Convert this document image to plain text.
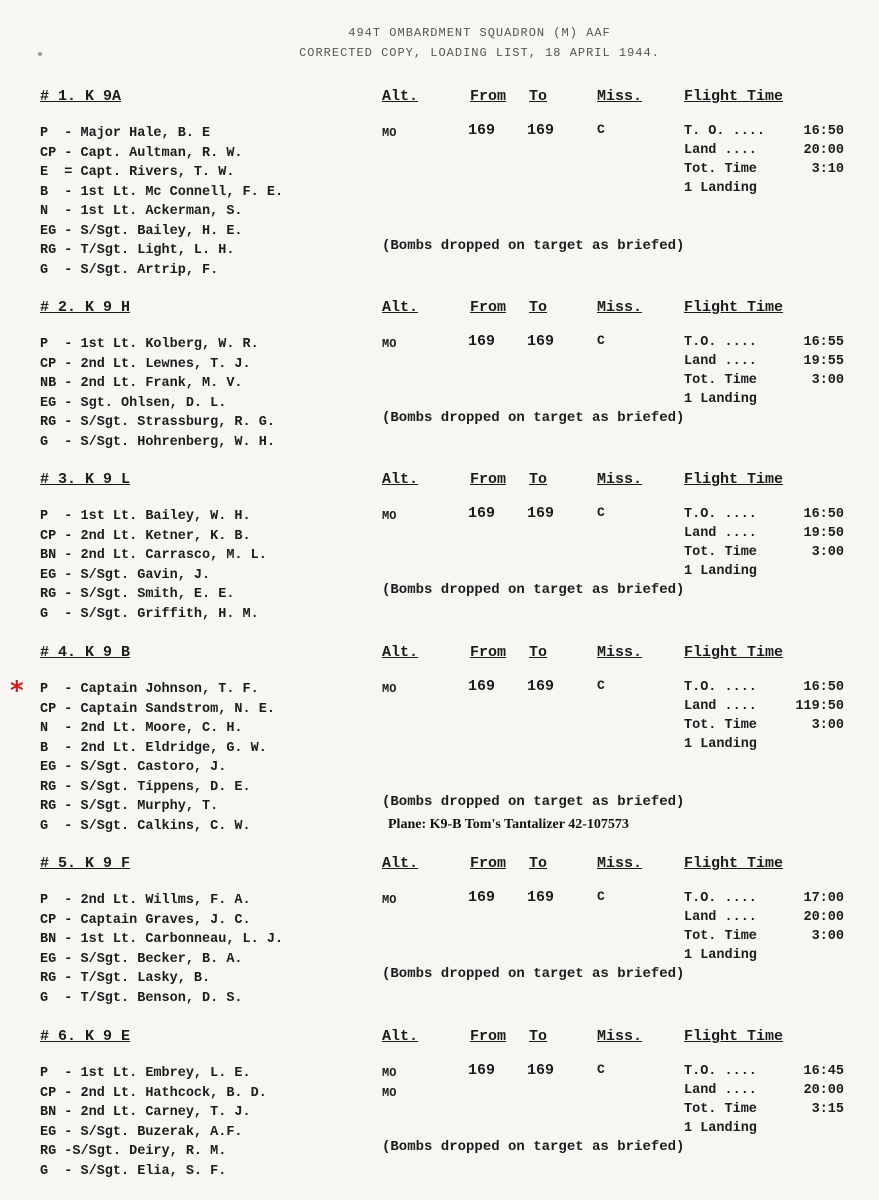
494T OMBARDMENT SQUADRON (M) AAF
CORRECTED COPY, LOADING LIST, 18 APRIL 1944.
# 1. K 9A	Alt.	From To	Miss.	Flight Time
P  - Major Hale, B. E
CP - Capt. Aultman, R. W.
E  = Capt. Rivers, T. W.
B  - 1st Lt. Mc Connell, F. E.
N  - 1st Lt. Ackerman, S.
EG - S/Sgt. Bailey, H. E.
RG - T/Sgt. Light, L. H.
G  - S/Sgt. Artrip, F.
MO	169 169	C	T. O. ....	16:50
Land ....	20:00
Tot. Time	3:10
1 Landing
(Bombs dropped on target as briefed)
# 2. K 9 H	Alt.	From To	Miss.	Flight Time
P  - 1st Lt. Kolberg, W. R.
CP - 2nd Lt. Lewnes, T. J.
NB - 2nd Lt. Frank, M. V.
EG - Sgt. Ohlsen, D. L.
RG - S/Sgt. Strassburg, R. G.
G  - S/Sgt. Hohrenberg, W. H.
MO	169 169	C	T.O. ....	16:55
Land ....	19:55
Tot. Time	3:00
1 Landing
(Bombs dropped on target as briefed)
# 3. K 9 L	Alt.	From To	Miss.	Flight Time
P  - 1st Lt. Bailey, W. H.
CP - 2nd Lt. Ketner, K. B.
BN - 2nd Lt. Carrasco, M. L.
EG - S/Sgt. Gavin, J.
RG - S/Sgt. Smith, E. E.
G  - S/Sgt. Griffith, H. M.
MO	169 169	C	T.O. ....	16:50
Land ....	19:50
Tot. Time	3:00
1 Landing
(Bombs dropped on target as briefed)
# 4. K 9 B	Alt.	From To	Miss.	Flight Time
P  - Captain Johnson, T. F.
CP - Captain Sandstrom, N. E.
N  - 2nd Lt. Moore, C. H.
B  - 2nd Lt. Eldridge, G. W.
EG - S/Sgt. Castoro, J.
RG - S/Sgt. Tippens, D. E.
RG - S/Sgt. Murphy, T.
G  - S/Sgt. Calkins, C. W.
MO	169 169	C	T.O. ....	16:50
Land ....	119:50
Tot. Time	3:00
1 Landing
(Bombs dropped on target as briefed)
# 5. K 9 F	Alt.	From To	Miss.	Flight Time
P  - 2nd Lt. Willms, F. A.
CP - Captain Graves, J. C.
BN - 1st Lt. Carbonneau, L. J.
EG - S/Sgt. Becker, B. A.
RG - T/Sgt. Lasky, B.
G  - T/Sgt. Benson, D. S.
MO	169 169	C	T.O. ....	17:00
Land ....	20:00
Tot. Time	3:00
1 Landing
(Bombs dropped on target as briefed)
# 6. K 9 E	Alt.	From To	Miss.	Flight Time
P  - 1st Lt. Embrey, L. E.
CP - 2nd Lt. Hathcock, B. D.
BN - 2nd Lt. Carney, T. J.
EG - S/Sgt. Buzerak, A.F.
RG -S/Sgt. Deiry, R. M.
G  - S/Sgt. Elia, S. F.
MO
MO
169 169	C	T.O. ....	16:45
Land ....	20:00
Tot. Time	3:15
1 Landing
(Bombs dropped on target as briefed)
*
Plane: K9-B Tom's Tantalizer 42-107573
